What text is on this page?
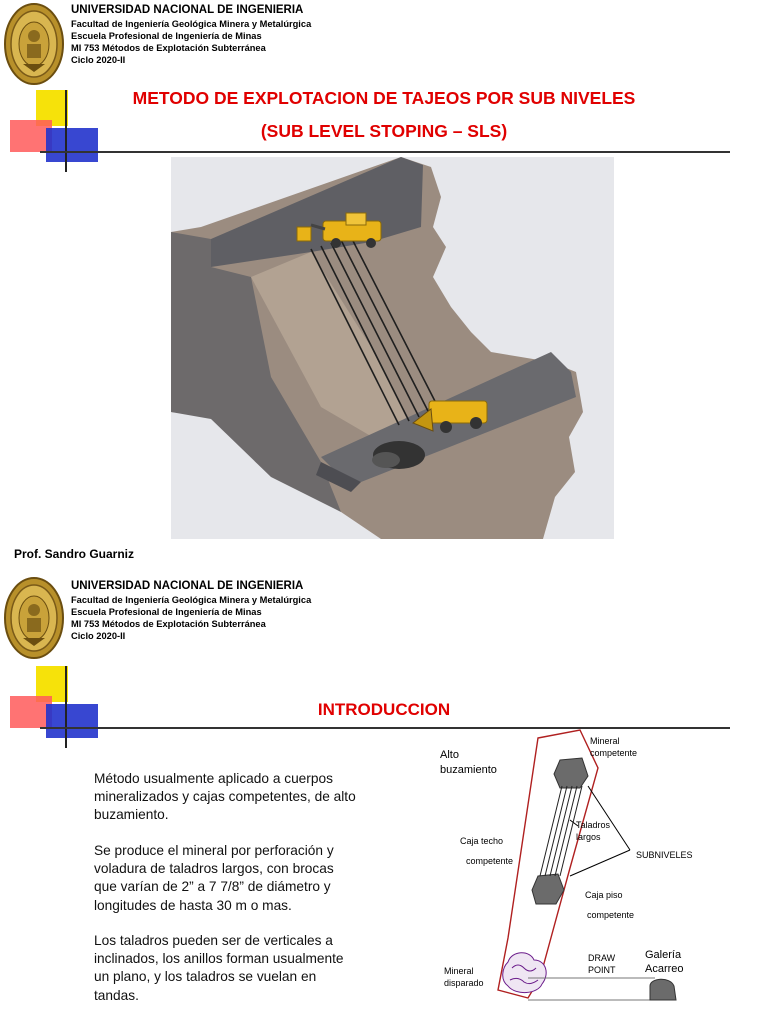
UNIVERSIDAD NACIONAL DE INGENIERIA
Facultad de Ingeniería Geológica Minera y Metalúrgica
Escuela Profesional de Ingeniería de Minas
MI 753 Métodos de Explotación Subterránea
Ciclo 2020-II
METODO DE EXPLOTACION DE TAJEOS POR SUB NIVELES
(SUB LEVEL STOPING – SLS)
Prof. Sandro Guarniz
UNIVERSIDAD NACIONAL DE INGENIERIA
Facultad de Ingeniería Geológica Minera y Metalúrgica
Escuela Profesional de Ingeniería de Minas
MI 753 Métodos de Explotación Subterránea
Ciclo 2020-II
INTRODUCCION
Método usualmente aplicado a cuerpos
mineralizados y cajas competentes, de alto
buzamiento.
Se produce el mineral por perforación y
voladura de taladros largos, con brocas
que varían de 2” a 7 7/8” de diámetro y
longitudes de hasta 30 m o mas.
Los taladros pueden ser de verticales a
inclinados, los anillos forman usualmente
un plano, y los taladros se vuelan en
tandas.
Alto
buzamiento
Mineral
competente
Caja techo
competente
Taladros
largos
SUBNIVELES
Caja piso
competente
DRAW
POINT
Galería
Acarreo
Mineral
disparado
